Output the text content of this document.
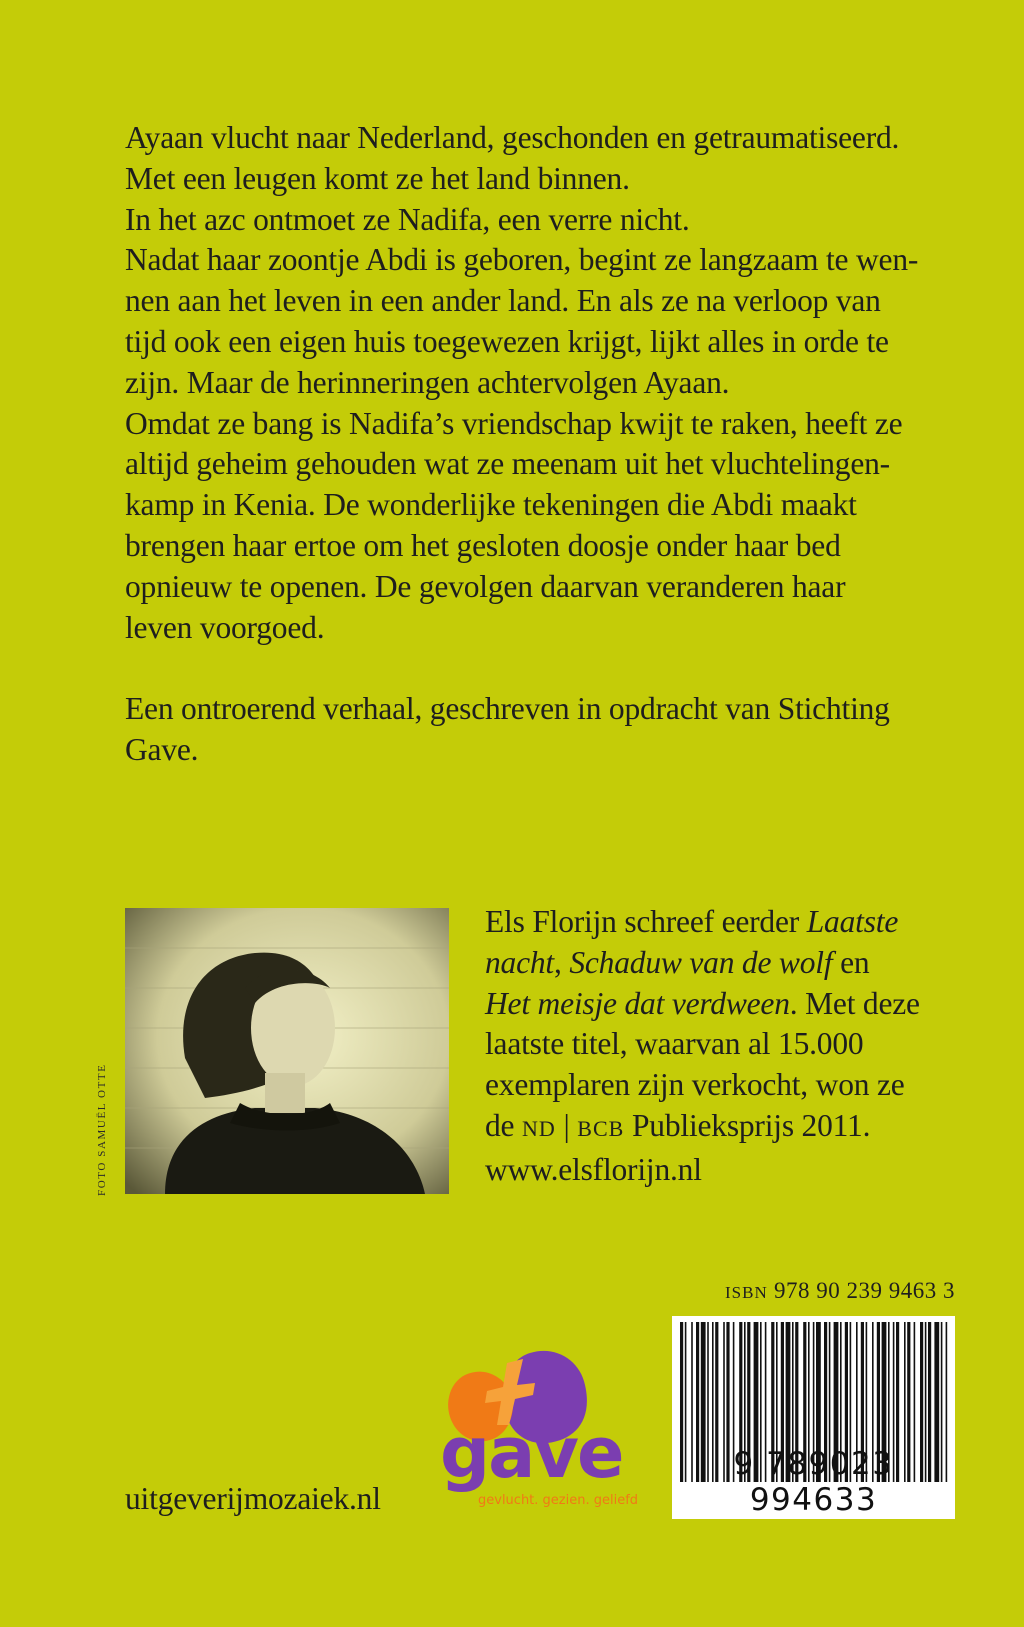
Ayaan vlucht naar Nederland, geschonden en getraumatiseerd.

Met een leugen komt ze het land binnen.

In het azc ontmoet ze Nadifa, een verre nicht.

Nadat haar zoontje Abdi is geboren, begint ze langzaam te wen-

nen aan het leven in een ander land. En als ze na verloop van

tijd ook een eigen huis toegewezen krijgt, lijkt alles in orde te

zijn. Maar de herinneringen achtervolgen Ayaan.

Omdat ze bang is Nadifa’s vriendschap kwijt te raken, heeft ze

altijd geheim gehouden wat ze meenam uit het vluchtelingen-

kamp in Kenia. De wonderlijke tekeningen die Abdi maakt

brengen haar ertoe om het gesloten doosje onder haar bed

opnieuw te openen. De gevolgen daarvan veranderen haar

leven voorgoed.

Een ontroerend verhaal, geschreven in opdracht van Stichting

Gave.

FOTO SAMUËL OTTE
Els Florijn schreef eerder Laatste
nacht, Schaduw van de wolf en
Het meisje dat verdween. Met deze
laatste titel, waarvan al 15.000
exemplaren zijn verkocht, won ze
de ND | BCB Publieksprijs 2011.
www.elsflorijn.nl
ISBN 978 90 239 9463 3
9 789023 994633
gave
gevlucht. gezien. geliefd
uitgeverijmozaiek.nl
